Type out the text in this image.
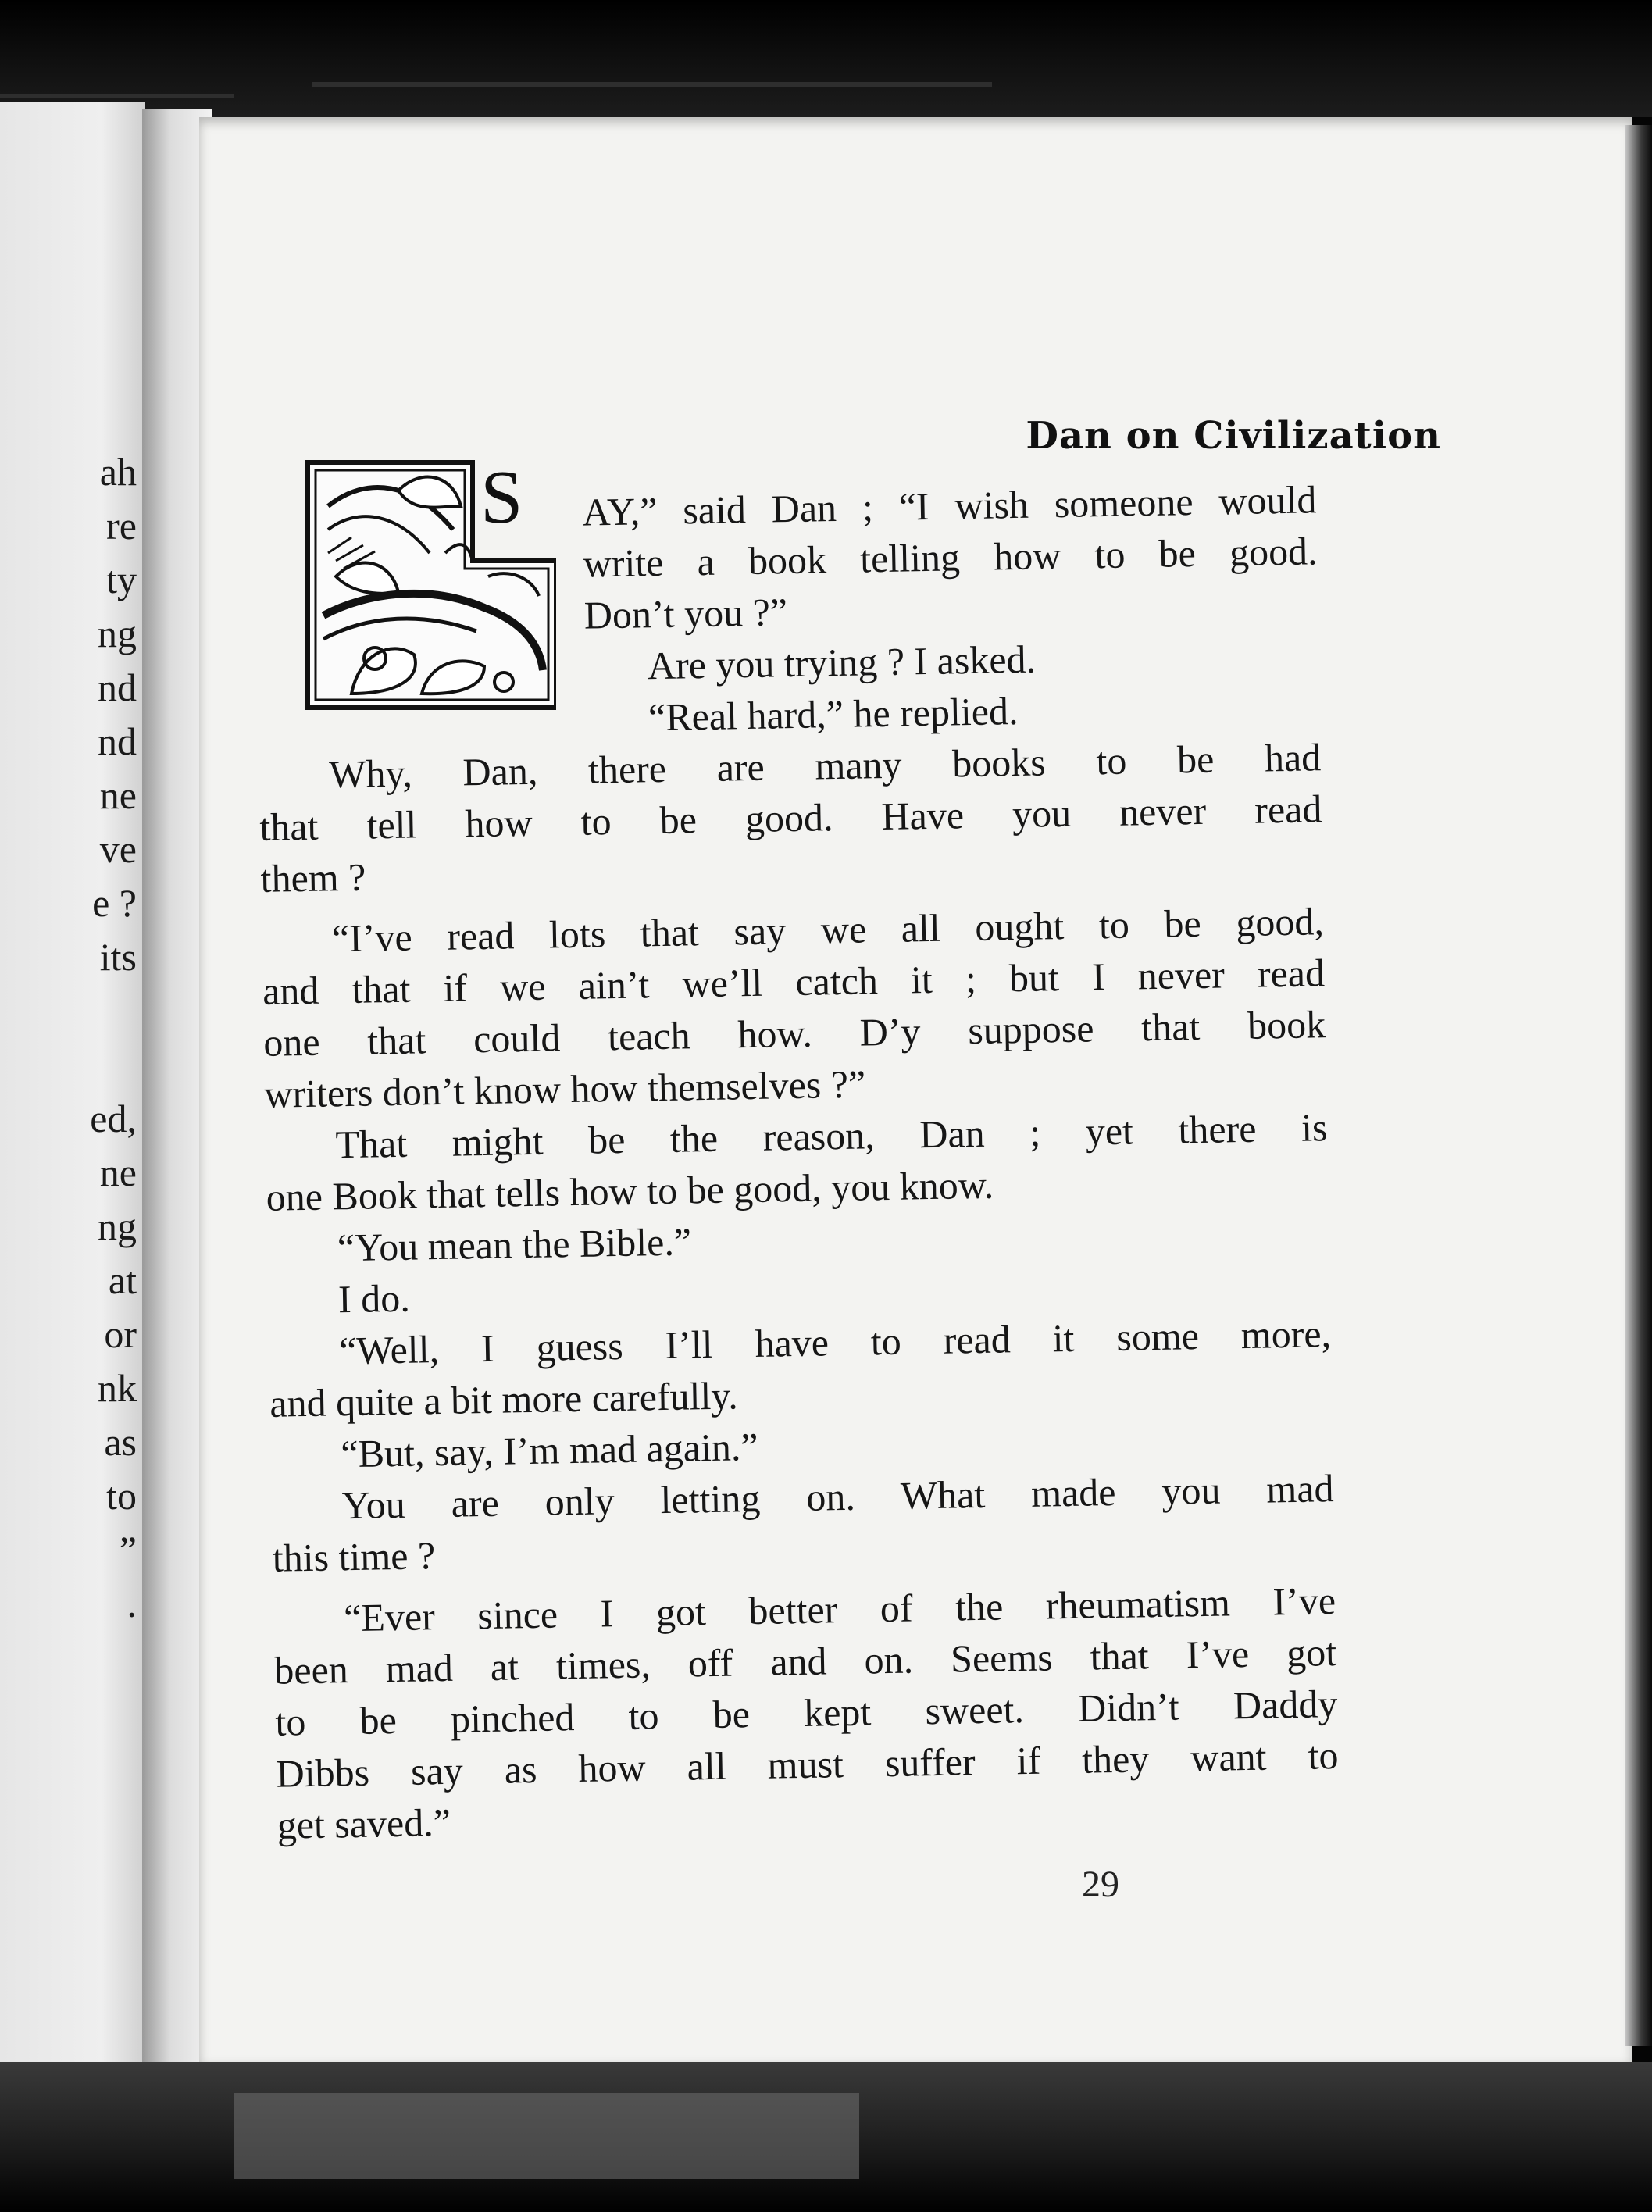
ah
re
ty
ng
nd
nd
ne
ve
e ?
its
ed,
ne
ng
at
or
nk
as
to
”
.
Dan on Civilization
S	AY,” said Dan ; “I wish someone would
write a book telling how to be good.
Don’t you ?”
Are you trying ? I asked.
“Real hard,” he replied.
Why, Dan, there are many books to be had
that tell how to be good. Have you never read
them ?
“I’ve read lots that say we all ought to be good,
and that if we ain’t we’ll catch it ; but I never read
one that could teach how. D’y suppose that book
writers don’t know how themselves ?”
That might be the reason, Dan ; yet there is
one Book that tells how to be good, you know.
“You mean the Bible.”
I do.
“Well, I guess I’ll have to read it some more,
and quite a bit more carefully.
“But, say, I’m mad again.”
You are only letting on. What made you mad
this time ?
“Ever since I got better of the rheumatism I’ve
been mad at times, off and on. Seems that I’ve got
to be pinched to be kept sweet. Didn’t Daddy
Dibbs say as how all must suffer if they want to
get saved.”
29
